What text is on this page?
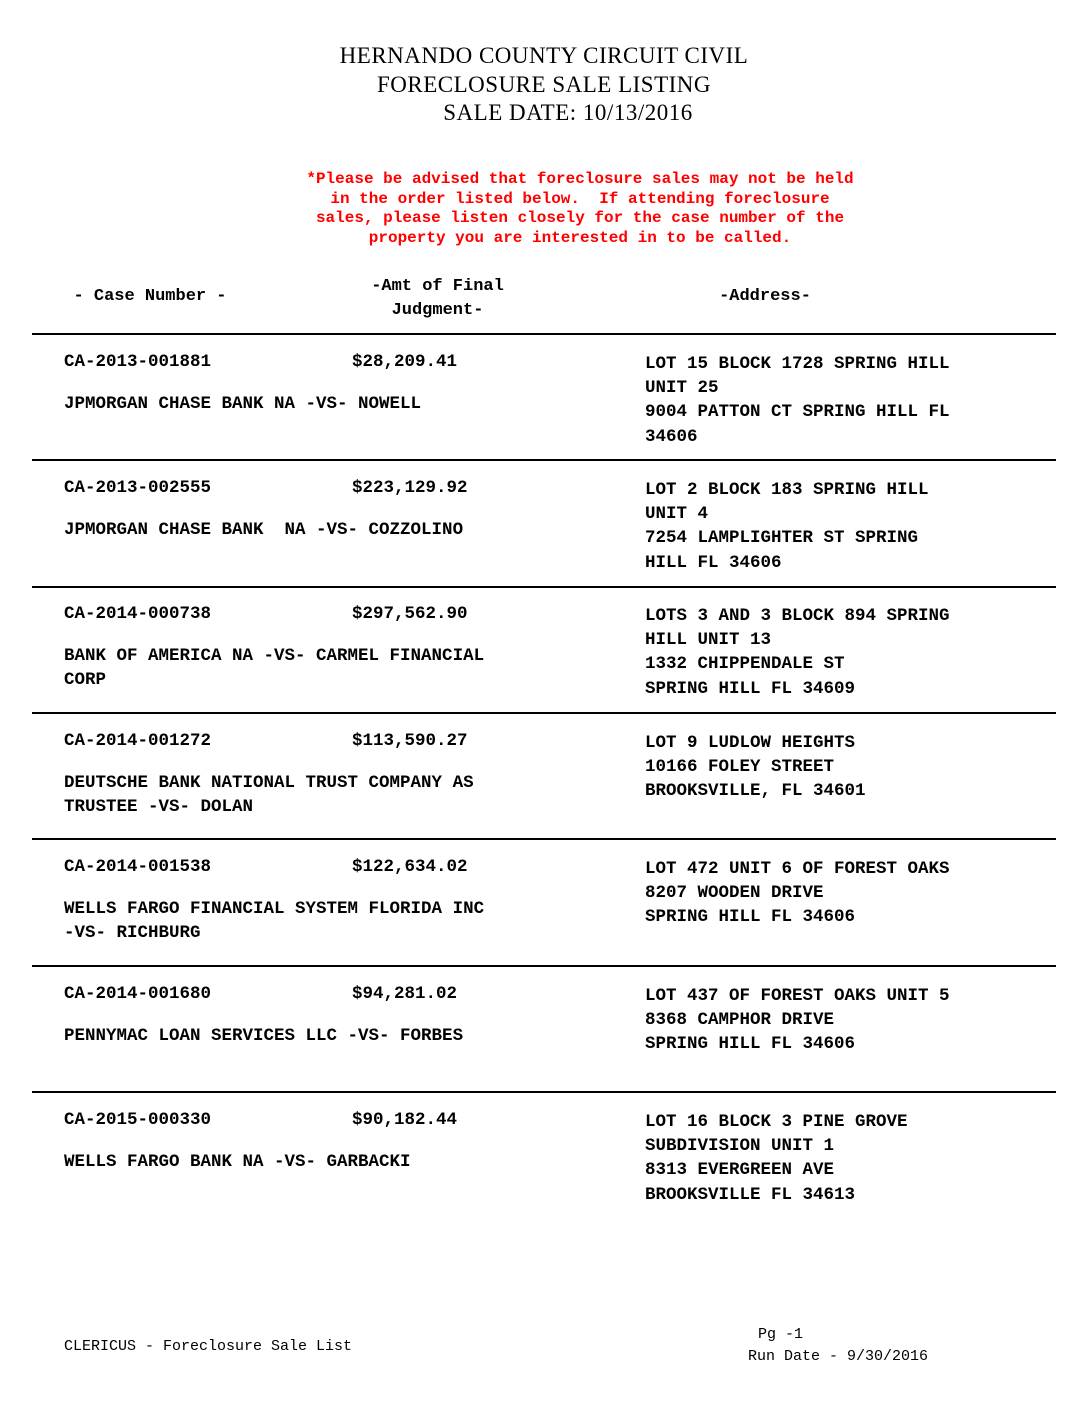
HERNANDO COUNTY CIRCUIT CIVIL
FORECLOSURE SALE LISTING
SALE DATE: 10/13/2016
*Please be advised that foreclosure sales may not be held
in the order listed below.  If attending foreclosure
sales, please listen closely for the case number of the
property you are interested in to be called.
- Case Number -
-Amt of Final
Judgment-
-Address-
CA-2013-001881	$28,209.41
JPMORGAN CHASE BANK NA -VS- NOWELL
LOT 15 BLOCK 1728 SPRING HILL
UNIT 25
9004 PATTON CT SPRING HILL FL
34606
CA-2013-002555	$223,129.92
JPMORGAN CHASE BANK  NA -VS- COZZOLINO
LOT 2 BLOCK 183 SPRING HILL
UNIT 4
7254 LAMPLIGHTER ST SPRING
HILL FL 34606
CA-2014-000738	$297,562.90
BANK OF AMERICA NA -VS- CARMEL FINANCIAL
CORP
LOTS 3 AND 3 BLOCK 894 SPRING
HILL UNIT 13
1332 CHIPPENDALE ST
SPRING HILL FL 34609
CA-2014-001272	$113,590.27
DEUTSCHE BANK NATIONAL TRUST COMPANY AS
TRUSTEE -VS- DOLAN
LOT 9 LUDLOW HEIGHTS
10166 FOLEY STREET
BROOKSVILLE, FL 34601
CA-2014-001538	$122,634.02
WELLS FARGO FINANCIAL SYSTEM FLORIDA INC
-VS- RICHBURG
LOT 472 UNIT 6 OF FOREST OAKS
8207 WOODEN DRIVE
SPRING HILL FL 34606
CA-2014-001680	$94,281.02
PENNYMAC LOAN SERVICES LLC -VS- FORBES
LOT 437 OF FOREST OAKS UNIT 5
8368 CAMPHOR DRIVE
SPRING HILL FL 34606
CA-2015-000330	$90,182.44
WELLS FARGO BANK NA -VS- GARBACKI
LOT 16 BLOCK 3 PINE GROVE
SUBDIVISION UNIT 1
8313 EVERGREEN AVE
BROOKSVILLE FL 34613
CLERICUS - Foreclosure Sale List
Pg -1
Run Date - 9/30/2016
